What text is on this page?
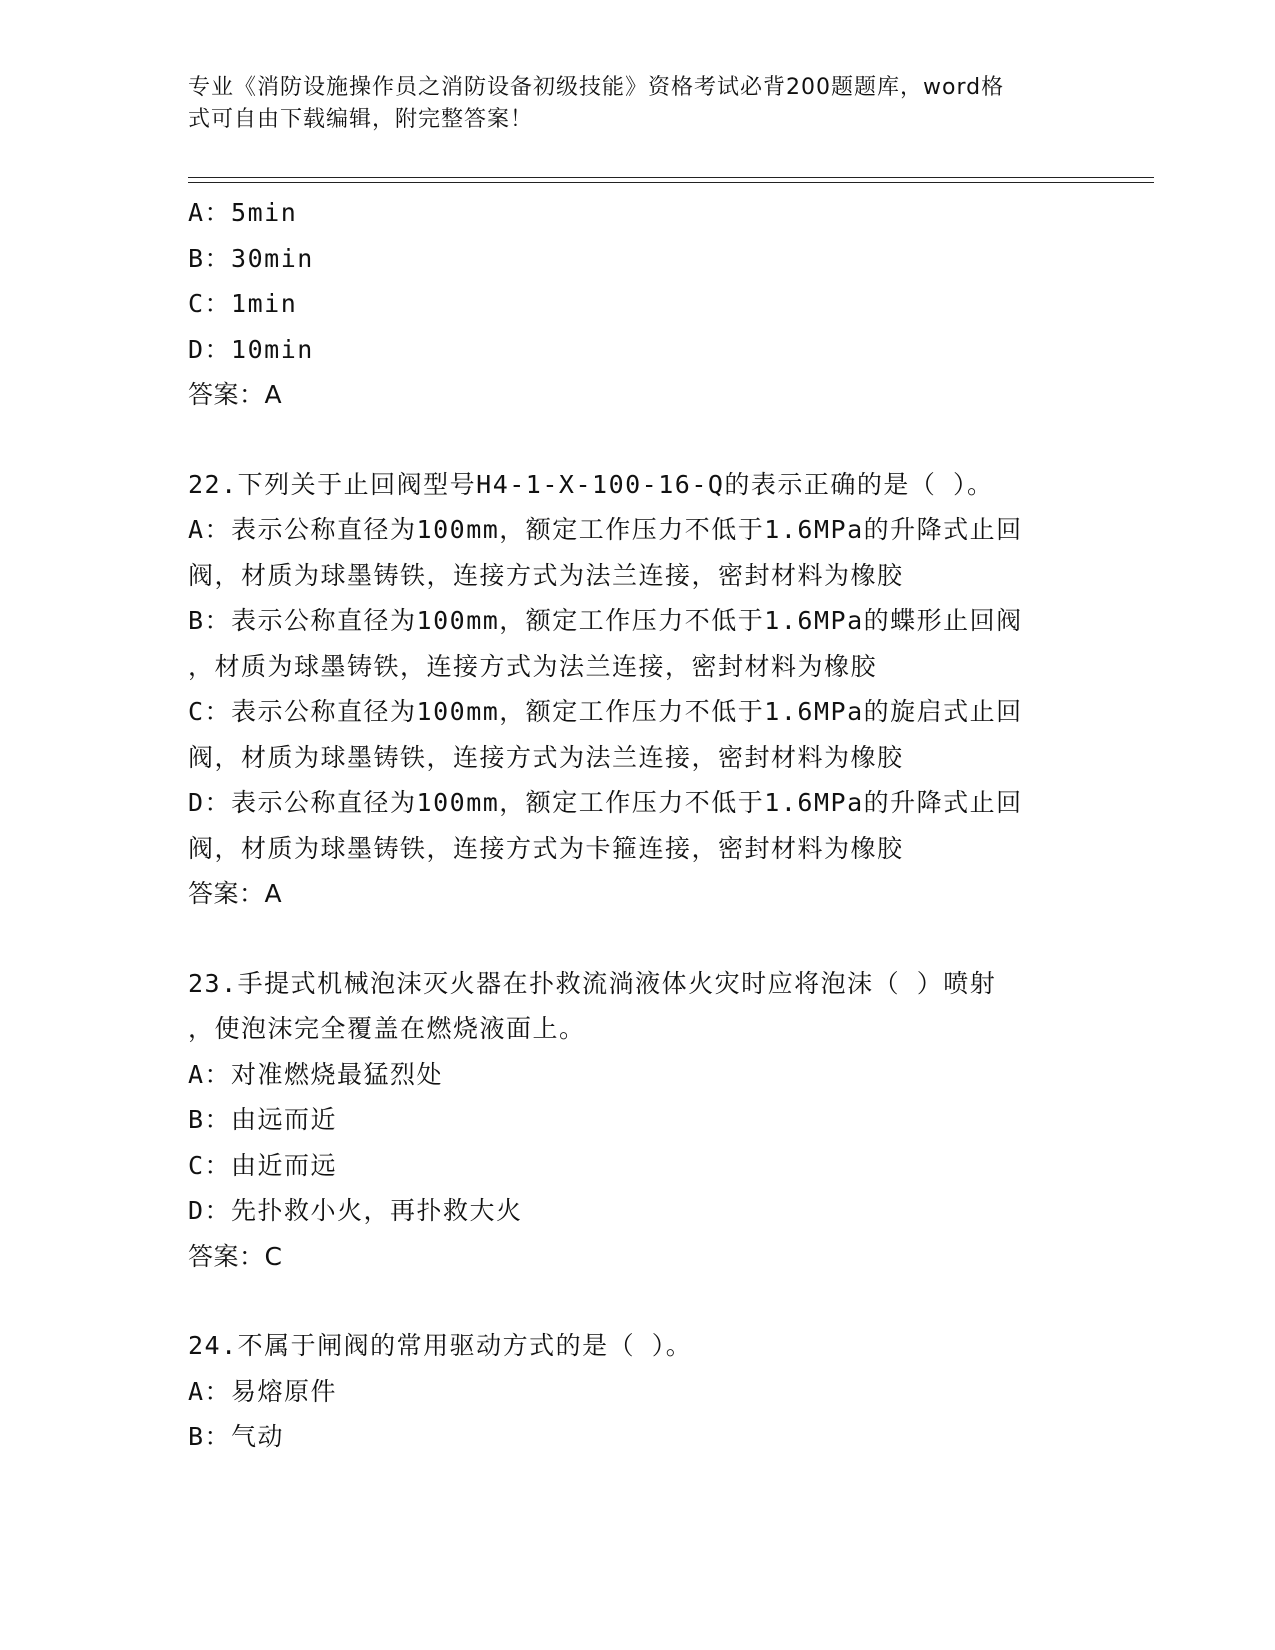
专业《消防设施操作员之消防设备初级技能》资格考试必背200题题库，word格
式可自由下载编辑，附完整答案！
A：5min
B：30min
C：1min
D：10min
答案：A
22.下列关于止回阀型号H4-1-X-100-16-Q的表示正确的是（ ）。
A：表示公称直径为100mm，额定工作压力不低于1.6MPa的升降式止回
阀，材质为球墨铸铁，连接方式为法兰连接，密封材料为橡胶
B：表示公称直径为100mm，额定工作压力不低于1.6MPa的蝶形止回阀
，材质为球墨铸铁，连接方式为法兰连接，密封材料为橡胶
C：表示公称直径为100mm，额定工作压力不低于1.6MPa的旋启式止回
阀，材质为球墨铸铁，连接方式为法兰连接，密封材料为橡胶
D：表示公称直径为100mm，额定工作压力不低于1.6MPa的升降式止回
阀，材质为球墨铸铁，连接方式为卡箍连接，密封材料为橡胶
答案：A
23.手提式机械泡沫灭火器在扑救流淌液体火灾时应将泡沫（ ）喷射
，使泡沫完全覆盖在燃烧液面上。
A：对准燃烧最猛烈处
B：由远而近
C：由近而远
D：先扑救小火，再扑救大火
答案：C
24.不属于闸阀的常用驱动方式的是（ ）。
A：易熔原件
B：气动
